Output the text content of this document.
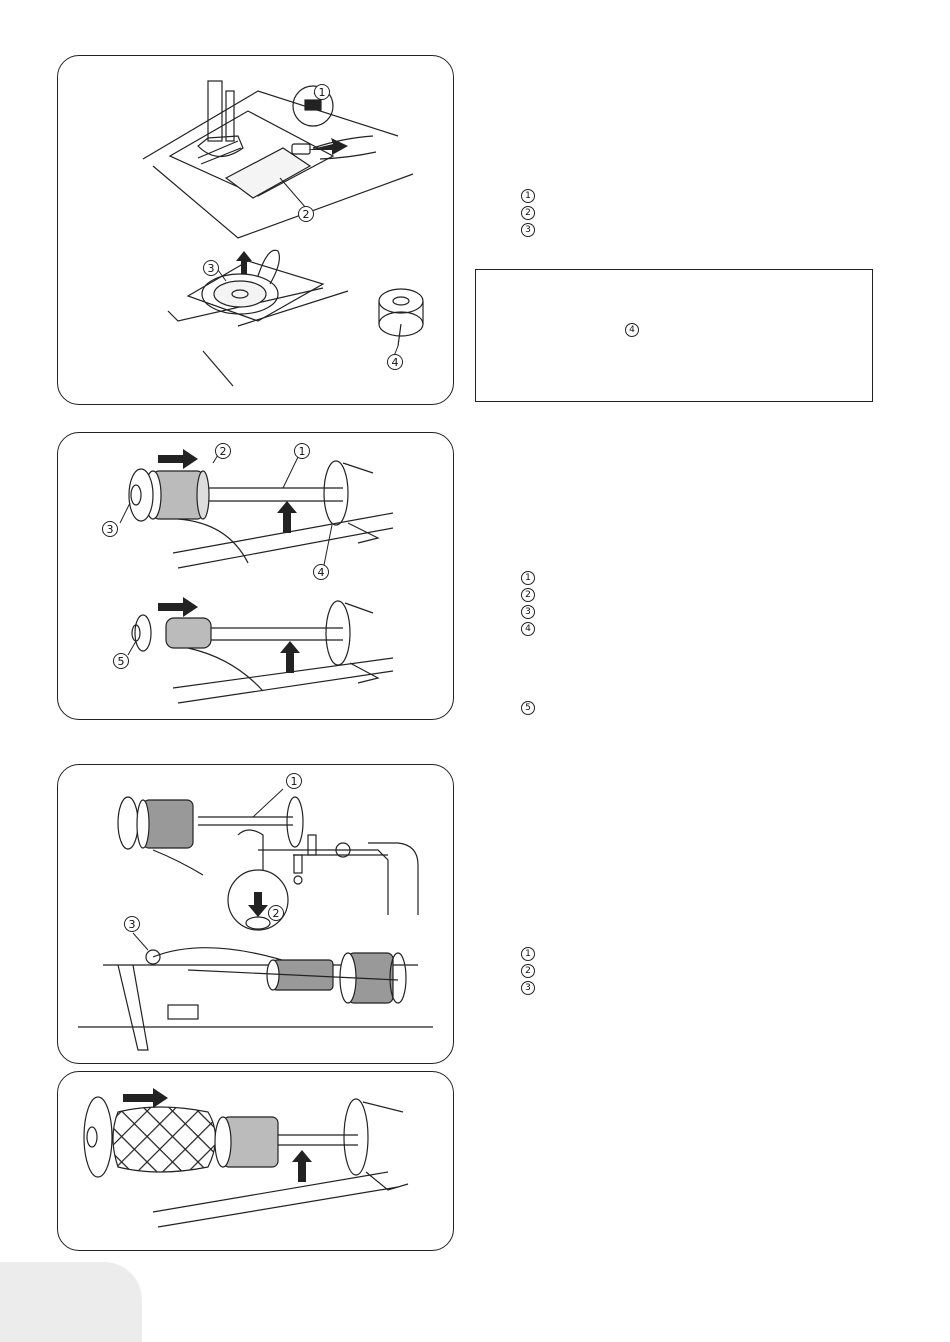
1
2
3
4
1
2
3
4
1
2
3
4
5
1
2
3
4
5
1
2
3
1
2
3
